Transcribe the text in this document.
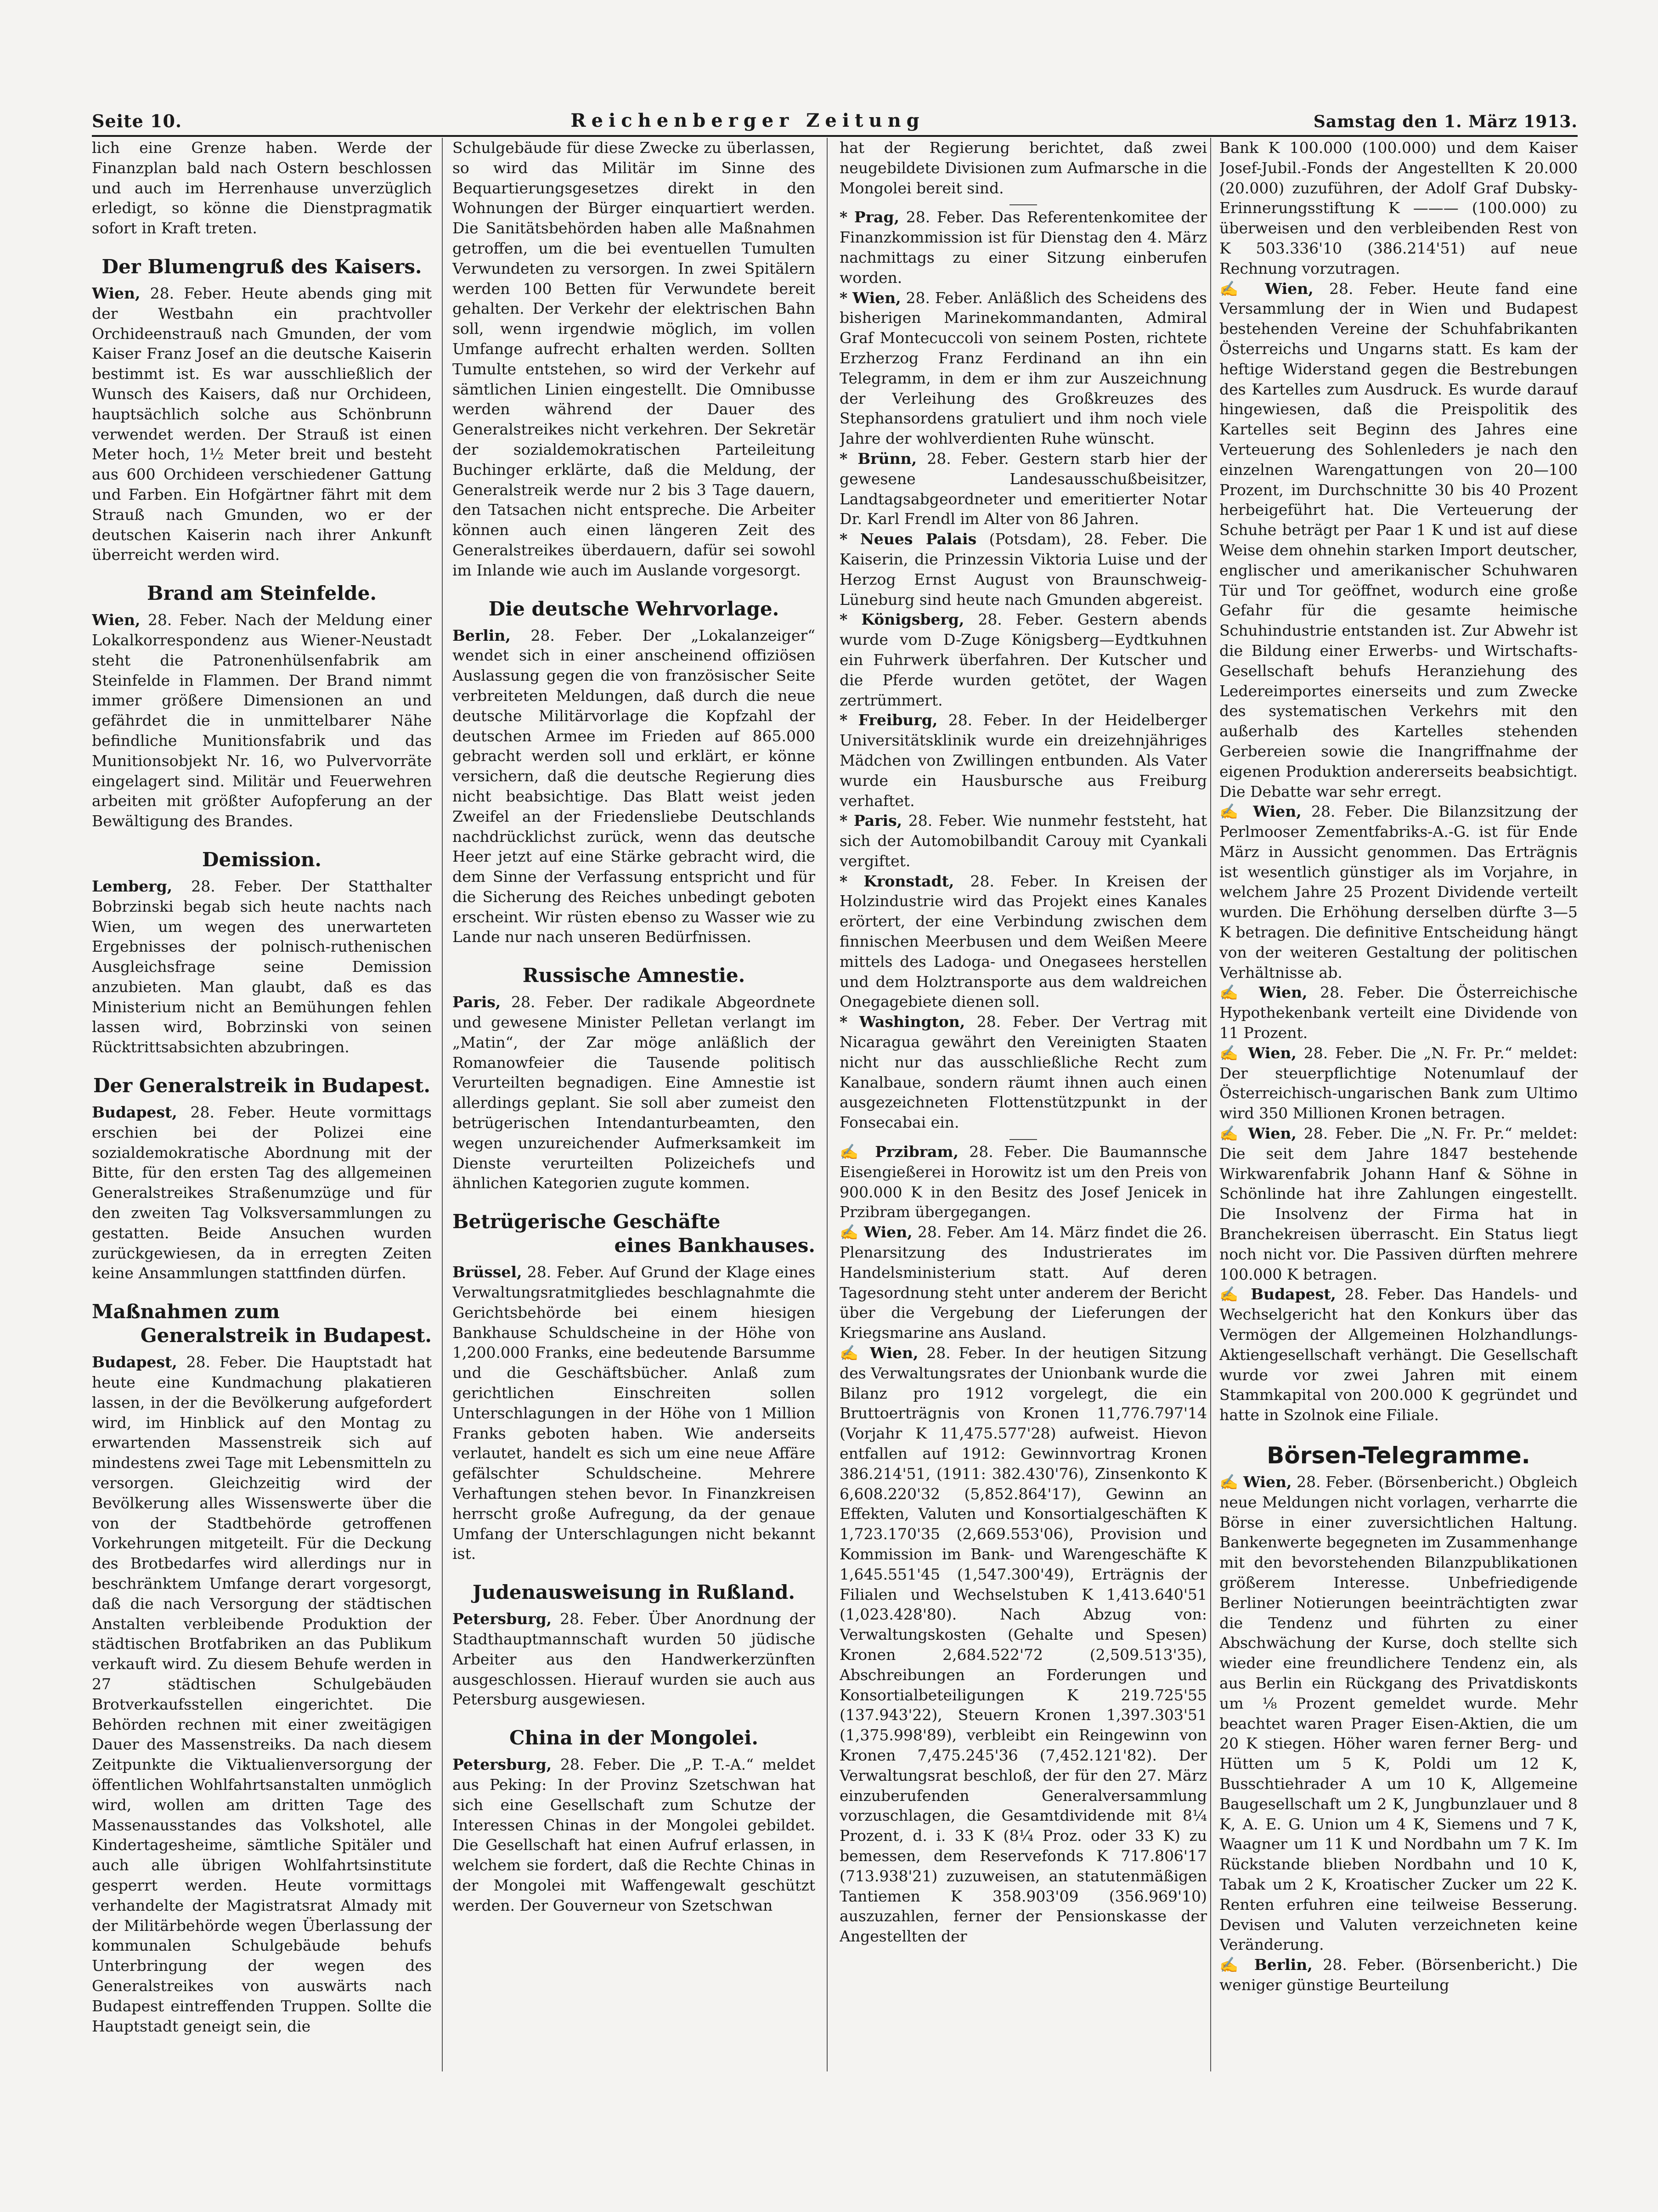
Seite 10.	Reichenberger Zeitung	Samstag den 1. März 1913.

lich eine Grenze haben. Werde der Finanzplan bald nach Ostern beschlossen und auch im Herrenhause unverzüglich erledigt, so könne die Dienstpragmatik sofort in Kraft treten.

Der Blumengruß des Kaisers.

Wien, 28. Feber. Heute abends ging mit der Westbahn ein prachtvoller Orchideenstrauß nach Gmunden, der vom Kaiser Franz Josef an die deutsche Kaiserin bestimmt ist. Es war ausschließlich der Wunsch des Kaisers, daß nur Orchideen, hauptsächlich solche aus Schönbrunn verwendet werden. Der Strauß ist einen Meter hoch, 1½ Meter breit und besteht aus 600 Orchideen verschiedener Gattung und Farben. Ein Hofgärtner fährt mit dem Strauß nach Gmunden, wo er der deutschen Kaiserin nach ihrer Ankunft überreicht werden wird.

Brand am Steinfelde.

Wien, 28. Feber. Nach der Meldung einer Lokalkorrespondenz aus Wiener-Neustadt steht die Patronenhülsenfabrik am Steinfelde in Flammen. Der Brand nimmt immer größere Dimensionen an und gefährdet die in unmittelbarer Nähe befindliche Munitionsfabrik und das Munitionsobjekt Nr. 16, wo Pulvervorräte eingelagert sind. Militär und Feuerwehren arbeiten mit größter Aufopferung an der Bewältigung des Brandes.

Demission.

Lemberg, 28. Feber. Der Statthalter Bobrzinski begab sich heute nachts nach Wien, um wegen des unerwarteten Ergebnisses der polnisch-ruthenischen Ausgleichsfrage seine Demission anzubieten. Man glaubt, daß es das Ministerium nicht an Bemühungen fehlen lassen wird, Bobrzinski von seinen Rücktrittsabsichten abzubringen.

Der Generalstreik in Budapest.

Budapest, 28. Feber. Heute vormittags erschien bei der Polizei eine sozialdemokratische Abordnung mit der Bitte, für den ersten Tag des allgemeinen Generalstreikes Straßenumzüge und für den zweiten Tag Volksversammlungen zu gestatten. Beide Ansuchen wurden zurückgewiesen, da in erregten Zeiten keine Ansammlungen stattfinden dürfen.

Maßnahmen zum
Generalstreik in Budapest.

Budapest, 28. Feber. Die Hauptstadt hat heute eine Kundmachung plakatieren lassen, in der die Bevölkerung aufgefordert wird, im Hinblick auf den Montag zu erwartenden Massenstreik sich auf mindestens zwei Tage mit Lebensmitteln zu versorgen. Gleichzeitig wird der Bevölkerung alles Wissenswerte über die von der Stadtbehörde getroffenen Vorkehrungen mitgeteilt. Für die Deckung des Brotbedarfes wird allerdings nur in beschränktem Umfange derart vorgesorgt, daß die nach Versorgung der städtischen Anstalten verbleibende Produktion der städtischen Brotfabriken an das Publikum verkauft wird. Zu diesem Behufe werden in 27 städtischen Schulgebäuden Brotverkaufsstellen eingerichtet. Die Behörden rechnen mit einer zweitägigen Dauer des Massenstreiks. Da nach diesem Zeitpunkte die Viktualienversorgung der öffentlichen Wohlfahrtsanstalten unmöglich wird, wollen am dritten Tage des Massenausstandes das Volkshotel, alle Kindertagesheime, sämtliche Spitäler und auch alle übrigen Wohlfahrtsinstitute gesperrt werden. Heute vormittags verhandelte der Magistratsrat Almady mit der Militärbehörde wegen Überlassung der kommunalen Schulgebäude behufs Unterbringung der wegen des Generalstreikes von auswärts nach Budapest eintreffenden Truppen. Sollte die Hauptstadt geneigt sein, die

Schulgebäude für diese Zwecke zu überlassen, so wird das Militär im Sinne des Bequartierungsgesetzes direkt in den Wohnungen der Bürger einquartiert werden. Die Sanitätsbehörden haben alle Maßnahmen getroffen, um die bei eventuellen Tumulten Verwundeten zu versorgen. In zwei Spitälern werden 100 Betten für Verwundete bereit gehalten. Der Verkehr der elektrischen Bahn soll, wenn irgendwie möglich, im vollen Umfange aufrecht erhalten werden. Sollten Tumulte entstehen, so wird der Verkehr auf sämtlichen Linien eingestellt. Die Omnibusse werden während der Dauer des Generalstreikes nicht verkehren. Der Sekretär der sozialdemokratischen Parteileitung Buchinger erklärte, daß die Meldung, der Generalstreik werde nur 2 bis 3 Tage dauern, den Tatsachen nicht entspreche. Die Arbeiter können auch einen längeren Zeit des Generalstreikes überdauern, dafür sei sowohl im Inlande wie auch im Auslande vorgesorgt.

Die deutsche Wehrvorlage.

Berlin, 28. Feber. Der „Lokalanzeiger“ wendet sich in einer anscheinend offiziösen Auslassung gegen die von französischer Seite verbreiteten Meldungen, daß durch die neue deutsche Militärvorlage die Kopfzahl der deutschen Armee im Frieden auf 865.000 gebracht werden soll und erklärt, er könne versichern, daß die deutsche Regierung dies nicht beabsichtige. Das Blatt weist jeden Zweifel an der Friedensliebe Deutschlands nachdrücklichst zurück, wenn das deutsche Heer jetzt auf eine Stärke gebracht wird, die dem Sinne der Verfassung entspricht und für die Sicherung des Reiches unbedingt geboten erscheint. Wir rüsten ebenso zu Wasser wie zu Lande nur nach unseren Bedürfnissen.

Russische Amnestie.

Paris, 28. Feber. Der radikale Abgeordnete und gewesene Minister Pelletan verlangt im „Matin“, der Zar möge anläßlich der Romanowfeier die Tausende politisch Verurteilten begnadigen. Eine Amnestie ist allerdings geplant. Sie soll aber zumeist den betrügerischen Intendanturbeamten, den wegen unzureichender Aufmerksamkeit im Dienste verurteilten Polizeichefs und ähnlichen Kategorien zugute kommen.

Betrügerische Geschäfte
eines Bankhauses.

Brüssel, 28. Feber. Auf Grund der Klage eines Verwaltungsratmitgliedes beschlagnahmte die Gerichtsbehörde bei einem hiesigen Bankhause Schuldscheine in der Höhe von 1,200.000 Franks, eine bedeutende Barsumme und die Geschäftsbücher. Anlaß zum gerichtlichen Einschreiten sollen Unterschlagungen in der Höhe von 1 Million Franks geboten haben. Wie anderseits verlautet, handelt es sich um eine neue Affäre gefälschter Schuldscheine. Mehrere Verhaftungen stehen bevor. In Finanzkreisen herrscht große Aufregung, da der genaue Umfang der Unterschlagungen nicht bekannt ist.

Judenausweisung in Rußland.

Petersburg, 28. Feber. Über Anordnung der Stadthauptmannschaft wurden 50 jüdische Arbeiter aus den Handwerkerzünften ausgeschlossen. Hierauf wurden sie auch aus Petersburg ausgewiesen.

China in der Mongolei.

Petersburg, 28. Feber. Die „P. T.-A.“ meldet aus Peking: In der Provinz Szetschwan hat sich eine Gesellschaft zum Schutze der Interessen Chinas in der Mongolei gebildet. Die Gesellschaft hat einen Aufruf erlassen, in welchem sie fordert, daß die Rechte Chinas in der Mongolei mit Waffengewalt geschützt werden. Der Gouverneur von Szetschwan

hat der Regierung berichtet, daß zwei neugebildete Divisionen zum Aufmarsche in die Mongolei bereit sind.

* Prag, 28. Feber. Das Referentenkomitee der Finanzkommission ist für Dienstag den 4. März nachmittags zu einer Sitzung einberufen worden.

* Wien, 28. Feber. Anläßlich des Scheidens des bisherigen Marinekommandanten, Admiral Graf Montecuccoli von seinem Posten, richtete Erzherzog Franz Ferdinand an ihn ein Telegramm, in dem er ihm zur Auszeichnung der Verleihung des Großkreuzes des Stephansordens gratuliert und ihm noch viele Jahre der wohlverdienten Ruhe wünscht.

* Brünn, 28. Feber. Gestern starb hier der gewesene Landesausschußbeisitzer, Landtagsabgeordneter und emeritierter Notar Dr. Karl Frendl im Alter von 86 Jahren.

* Neues Palais (Potsdam), 28. Feber. Die Kaiserin, die Prinzessin Viktoria Luise und der Herzog Ernst August von Braunschweig-Lüneburg sind heute nach Gmunden abgereist.

* Königsberg, 28. Feber. Gestern abends wurde vom D-Zuge Königsberg—Eydtkuhnen ein Fuhrwerk überfahren. Der Kutscher und die Pferde wurden getötet, der Wagen zertrümmert.

* Freiburg, 28. Feber. In der Heidelberger Universitätsklinik wurde ein dreizehnjähriges Mädchen von Zwillingen entbunden. Als Vater wurde ein Hausbursche aus Freiburg verhaftet.

* Paris, 28. Feber. Wie nunmehr feststeht, hat sich der Automobilbandit Carouy mit Cyankali vergiftet.

* Kronstadt, 28. Feber. In Kreisen der Holzindustrie wird das Projekt eines Kanales erörtert, der eine Verbindung zwischen dem finnischen Meerbusen und dem Weißen Meere mittels des Ladoga- und Onegasees herstellen und dem Holztransporte aus dem waldreichen Onegagebiete dienen soll.

* Washington, 28. Feber. Der Vertrag mit Nicaragua gewährt den Vereinigten Staaten nicht nur das ausschließliche Recht zum Kanalbaue, sondern räumt ihnen auch einen ausgezeichneten Flottenstützpunkt in der Fonsecabai ein.

✍ Przibram, 28. Feber. Die Baumannsche Eisengießerei in Horowitz ist um den Preis von 900.000 K in den Besitz des Josef Jenicek in Przibram übergegangen.

✍ Wien, 28. Feber. Am 14. März findet die 26. Plenarsitzung des Industrierates im Handelsministerium statt. Auf deren Tagesordnung steht unter anderem der Bericht über die Vergebung der Lieferungen der Kriegsmarine ans Ausland.

✍ Wien, 28. Feber. In der heutigen Sitzung des Verwaltungsrates der Unionbank wurde die Bilanz pro 1912 vorgelegt, die ein Bruttoerträgnis von Kronen 11,776.797'14 (Vorjahr K 11,475.577'28) aufweist. Hievon entfallen auf 1912: Gewinnvortrag Kronen 386.214'51, (1911: 382.430'76), Zinsenkonto K 6,608.220'32 (5,852.864'17), Gewinn an Effekten, Valuten und Konsortialgeschäften K 1,723.170'35 (2,669.553'06), Provision und Kommission im Bank- und Warengeschäfte K 1,645.551'45 (1,547.300'49), Erträgnis der Filialen und Wechselstuben K 1,413.640'51 (1,023.428'80). Nach Abzug von: Verwaltungskosten (Gehalte und Spesen) Kronen 2,684.522'72 (2,509.513'35), Abschreibungen an Forderungen und Konsortialbeteiligungen K 219.725'55 (137.943'22), Steuern Kronen 1,397.303'51 (1,375.998'89), verbleibt ein Reingewinn von Kronen 7,475.245'36 (7,452.121'82). Der Verwaltungsrat beschloß, der für den 27. März einzuberufenden Generalversammlung vorzuschlagen, die Gesamtdividende mit 8¼ Prozent, d. i. 33 K (8¼ Proz. oder 33 K) zu bemessen, dem Reservefonds K 717.806'17 (713.938'21) zuzuweisen, an statutenmäßigen Tantiemen K 358.903'09 (356.969'10) auszuzahlen, ferner der Pensionskasse der Angestellten der

Bank K 100.000 (100.000) und dem Kaiser Josef-Jubil.-Fonds der Angestellten K 20.000 (20.000) zuzuführen, der Adolf Graf Dubsky-Erinnerungsstiftung K ——— (100.000) zu überweisen und den verbleibenden Rest von K 503.336'10 (386.214'51) auf neue Rechnung vorzutragen.

✍ Wien, 28. Feber. Heute fand eine Versammlung der in Wien und Budapest bestehenden Vereine der Schuhfabrikanten Österreichs und Ungarns statt. Es kam der heftige Widerstand gegen die Bestrebungen des Kartelles zum Ausdruck. Es wurde darauf hingewiesen, daß die Preispolitik des Kartelles seit Beginn des Jahres eine Verteuerung des Sohlenleders je nach den einzelnen Warengattungen von 20—100 Prozent, im Durchschnitte 30 bis 40 Prozent herbeigeführt hat. Die Verteuerung der Schuhe beträgt per Paar 1 K und ist auf diese Weise dem ohnehin starken Import deutscher, englischer und amerikanischer Schuhwaren Tür und Tor geöffnet, wodurch eine große Gefahr für die gesamte heimische Schuhindustrie entstanden ist. Zur Abwehr ist die Bildung einer Erwerbs- und Wirtschafts-Gesellschaft behufs Heranziehung des Ledereimportes einerseits und zum Zwecke des systematischen Verkehrs mit den außerhalb des Kartelles stehenden Gerbereien sowie die Inangriffnahme der eigenen Produktion andererseits beabsichtigt. Die Debatte war sehr erregt.

✍ Wien, 28. Feber. Die Bilanzsitzung der Perlmooser Zementfabriks-A.-G. ist für Ende März in Aussicht genommen. Das Erträgnis ist wesentlich günstiger als im Vorjahre, in welchem Jahre 25 Prozent Dividende verteilt wurden. Die Erhöhung derselben dürfte 3—5 K betragen. Die definitive Entscheidung hängt von der weiteren Gestaltung der politischen Verhältnisse ab.

✍ Wien, 28. Feber. Die Österreichische Hypothekenbank verteilt eine Dividende von 11 Prozent.

✍ Wien, 28. Feber. Die „N. Fr. Pr.“ meldet: Der steuerpflichtige Notenumlauf der Österreichisch-ungarischen Bank zum Ultimo wird 350 Millionen Kronen betragen.

✍ Wien, 28. Feber. Die „N. Fr. Pr.“ meldet: Die seit dem Jahre 1847 bestehende Wirkwarenfabrik Johann Hanf & Söhne in Schönlinde hat ihre Zahlungen eingestellt. Die Insolvenz der Firma hat in Branchekreisen überrascht. Ein Status liegt noch nicht vor. Die Passiven dürften mehrere 100.000 K betragen.

✍ Budapest, 28. Feber. Das Handels- und Wechselgericht hat den Konkurs über das Vermögen der Allgemeinen Holzhandlungs-Aktiengesellschaft verhängt. Die Gesellschaft wurde vor zwei Jahren mit einem Stammkapital von 200.000 K gegründet und hatte in Szolnok eine Filiale.

Börsen-Telegramme.

✍ Wien, 28. Feber. (Börsenbericht.) Obgleich neue Meldungen nicht vorlagen, verharrte die Börse in einer zuversichtlichen Haltung. Bankenwerte begegneten im Zusammenhange mit den bevorstehenden Bilanzpublikationen größerem Interesse. Unbefriedigende Berliner Notierungen beeinträchtigten zwar die Tendenz und führten zu einer Abschwächung der Kurse, doch stellte sich wieder eine freundlichere Tendenz ein, als aus Berlin ein Rückgang des Privatdiskonts um ⅛ Prozent gemeldet wurde. Mehr beachtet waren Prager Eisen-Aktien, die um 20 K stiegen. Höher waren ferner Berg- und Hütten um 5 K, Poldi um 12 K, Busschtiehrader A um 10 K, Allgemeine Baugesellschaft um 2 K, Jungbunzlauer und 8 K, A. E. G. Union um 4 K, Siemens und 7 K, Waagner um 11 K und Nordbahn um 7 K. Im Rückstande blieben Nordbahn und 10 K, Tabak um 2 K, Kroatischer Zucker um 22 K. Renten erfuhren eine teilweise Besserung. Devisen und Valuten verzeichneten keine Veränderung.

✍ Berlin, 28. Feber. (Börsenbericht.) Die weniger günstige Beurteilung
